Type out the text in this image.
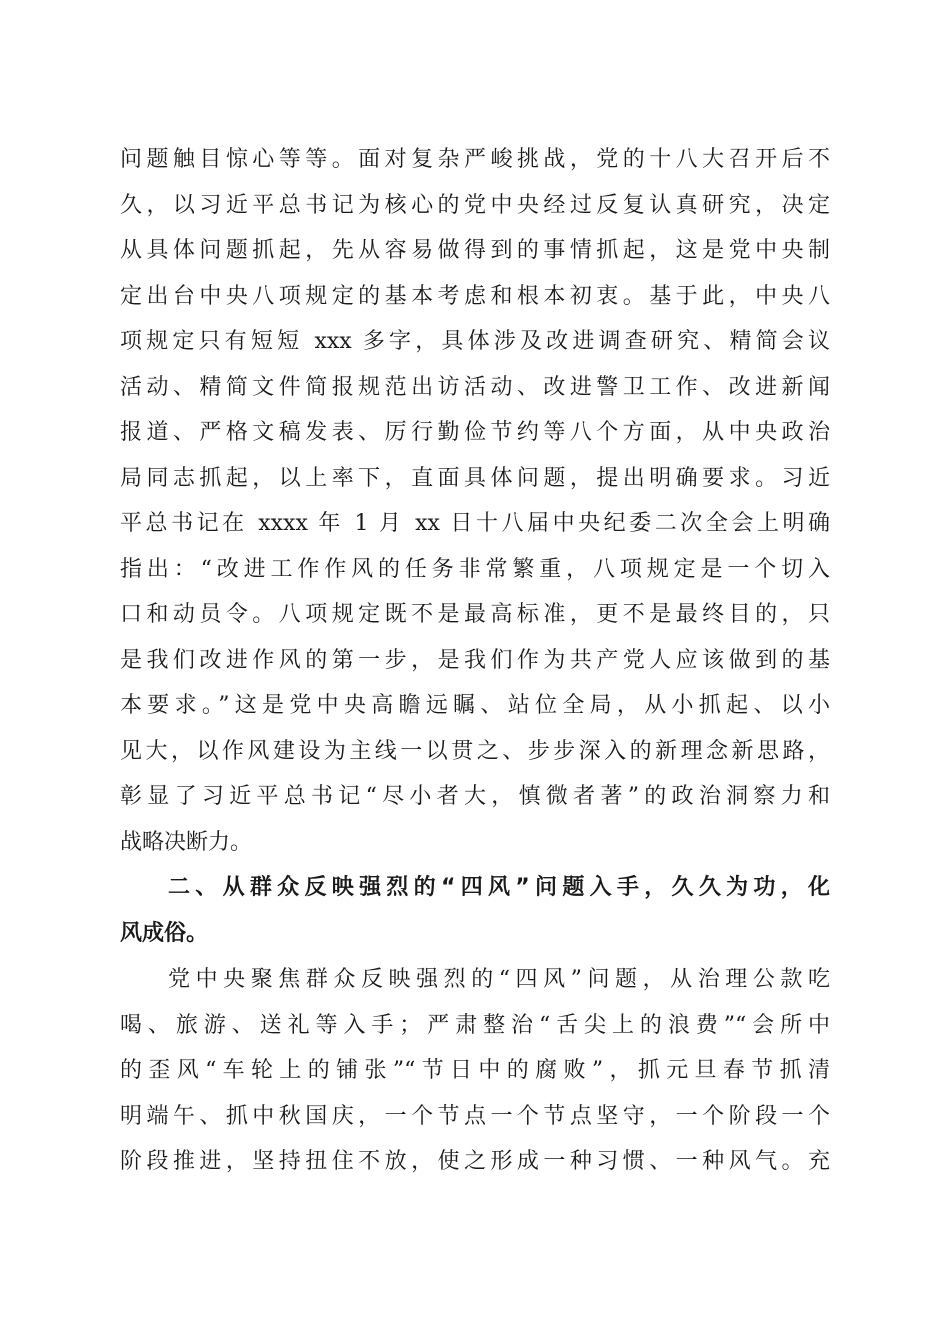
问题触目惊心等等。面对复杂严峻挑战，党的十八大召开后不
久，以习近平总书记为核心的党中央经过反复认真研究，决定
从具体问题抓起，先从容易做得到的事情抓起，这是党中央制
定出台中央八项规定的基本考虑和根本初衷。基于此，中央八
项规定只有短短 xxx 多字，具体涉及改进调查研究、精简会议
活动、精简文件简报规范出访活动、改进警卫工作、改进新闻
报道、严格文稿发表、厉行勤俭节约等八个方面，从中央政治
局同志抓起，以上率下，直面具体问题，提出明确要求。习近
平总书记在 xxxx 年 1 月 xx 日十八届中央纪委二次全会上明确
指出：“改进工作作风的任务非常繁重，八项规定是一个切入
口和动员令。八项规定既不是最高标准，更不是最终目的，只
是我们改进作风的第一步，是我们作为共产党人应该做到的基
本要求。”这是党中央高瞻远瞩、站位全局，从小抓起、以小
见大，以作风建设为主线一以贯之、步步深入的新理念新思路，
彰显了习近平总书记“尽小者大，慎微者著”的政治洞察力和
战略决断力。
二、从群众反映强烈的“四风”问题入手，久久为功，化
风成俗。
党中央聚焦群众反映强烈的“四风”问题，从治理公款吃
喝、旅游、送礼等入手；严肃整治“舌尖上的浪费”“会所中
的歪风“车轮上的铺张”“节日中的腐败”，抓元旦春节抓清
明端午、抓中秋国庆，一个节点一个节点坚守，一个阶段一个
阶段推进，坚持扭住不放，使之形成一种习惯、一种风气。充
